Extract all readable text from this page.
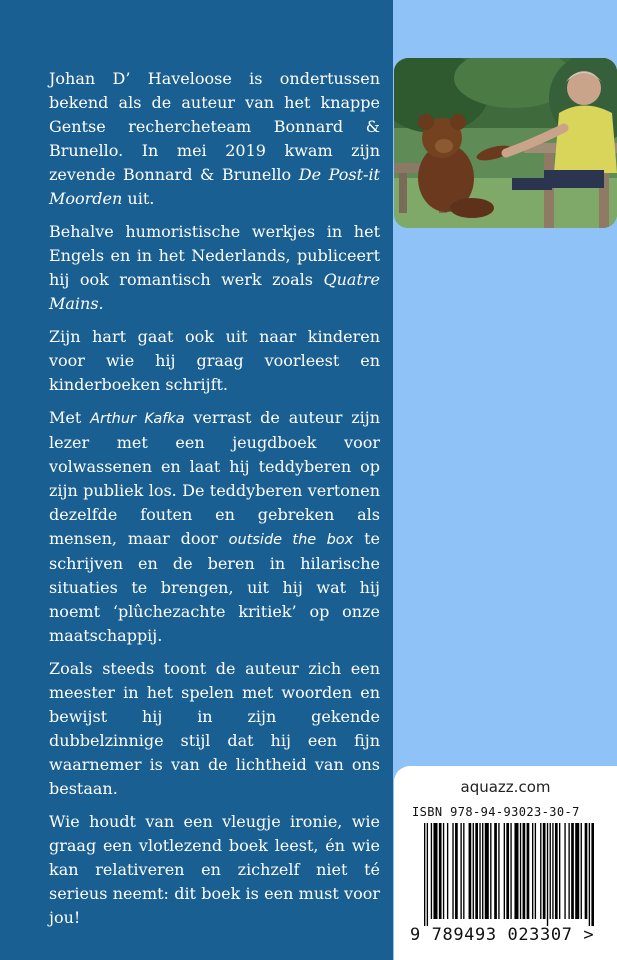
Johan D’ Haveloose is ondertussen bekend als de auteur van het knappe Gentse rechercheteam Bonnard & Brunello. In mei 2019 kwam zijn zevende Bonnard & Brunello De Post-it Moorden uit.

Behalve humoristische werkjes in het Engels en in het Nederlands, publiceert hij ook romantisch werk zoals Quatre Mains.

Zijn hart gaat ook uit naar kinderen voor wie hij graag voorleest en kinderboeken schrijft.

Met Arthur Kafka verrast de auteur zijn lezer met een jeugdboek voor volwassenen en laat hij teddyberen op zijn publiek los. De teddyberen vertonen dezelfde fouten en gebreken als mensen, maar door outside the box te schrijven en de beren in hilarische situaties te brengen, uit hij wat hij noemt ‘plûchezachte kritiek’ op onze maatschappij.

Zoals steeds toont de auteur zich een meester in het spelen met woorden en bewijst hij in zijn gekende dubbelzinnige stijl dat hij een fijn waarnemer is van de lichtheid van ons bestaan.

Wie houdt van een vleugje ironie, wie graag een vlotlezend boek leest, én wie kan relativeren en zichzelf niet té serieus neemt: dit boek is een must voor jou!

aquazz.com
ISBN 978-94-93023-30-7
9 789493 023307 >
